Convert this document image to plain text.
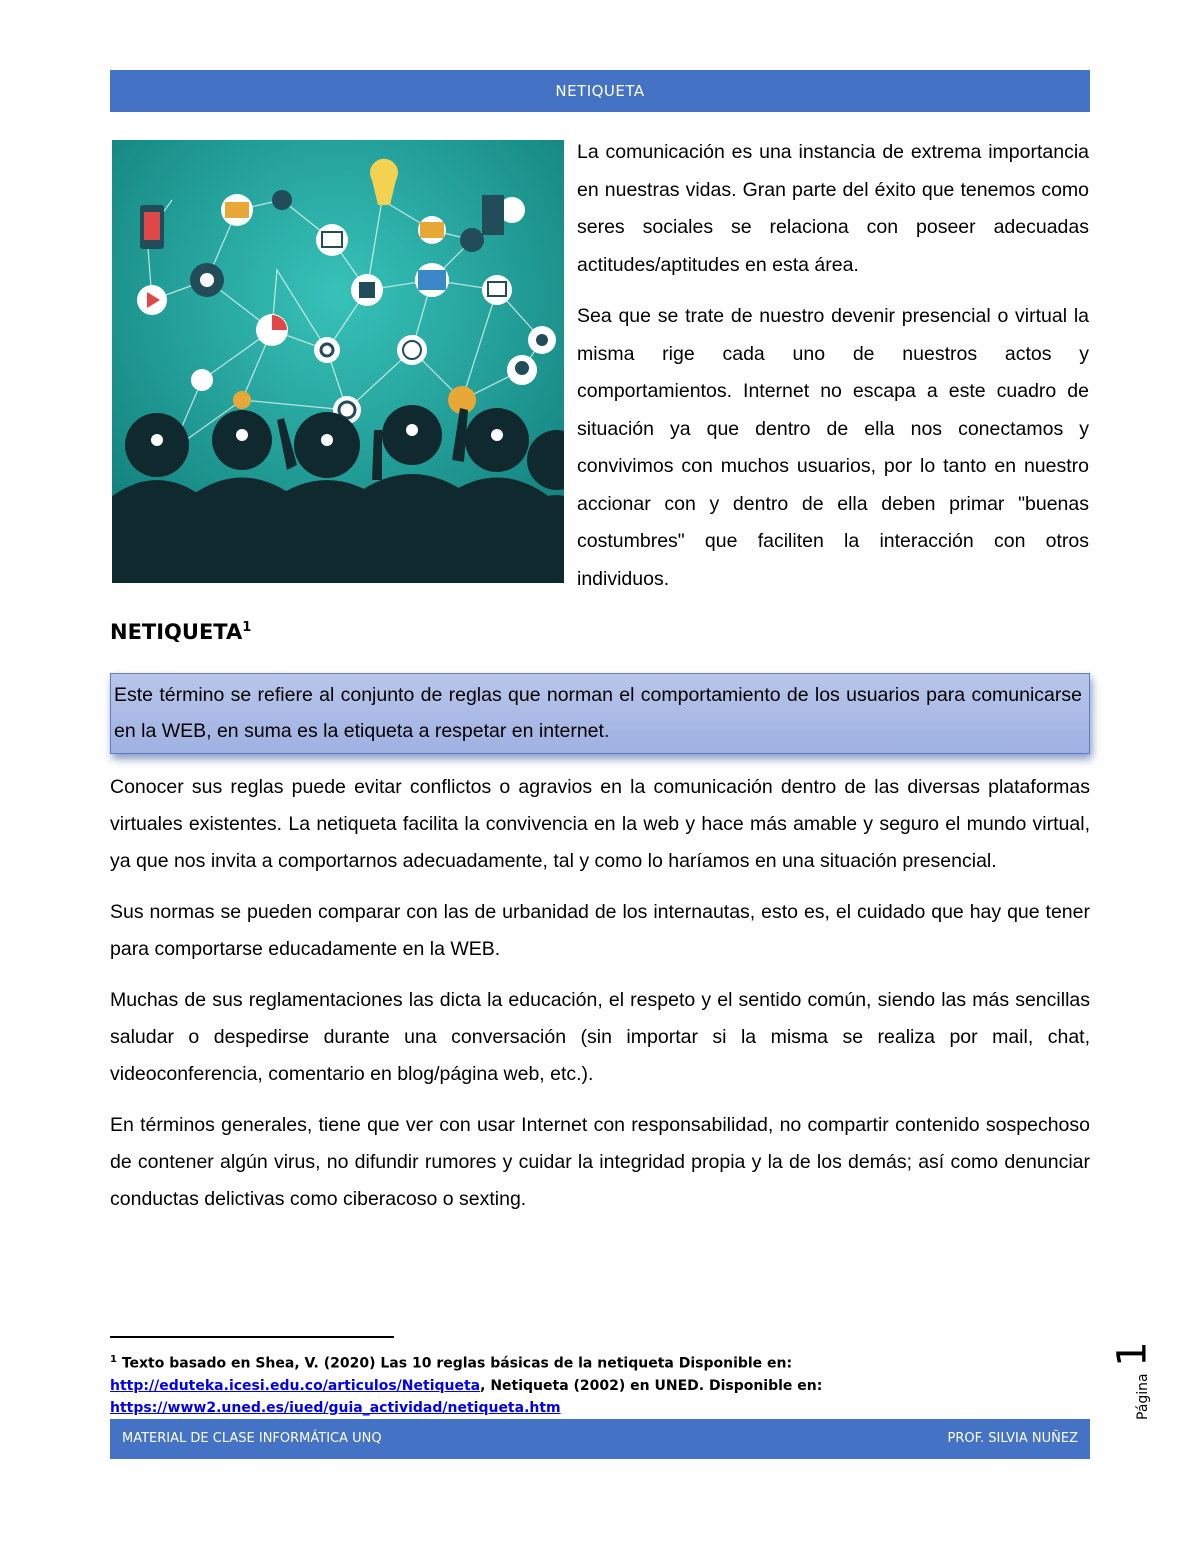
NETIQUETA

La comunicación es una instancia de extrema importancia en nuestras vidas. Gran parte del éxito que tenemos como seres sociales se relaciona con poseer adecuadas actitudes/aptitudes en esta área.

Sea que se trate de nuestro devenir presencial o virtual la misma rige cada uno de nuestros actos y comportamientos. Internet no escapa a este cuadro de situación ya que dentro de ella nos conectamos y convivimos con muchos usuarios, por lo tanto en nuestro accionar con y dentro de ella deben primar "buenas costumbres" que faciliten la interacción con otros individuos.

NETIQUETA$^1$
Este término se refiere al conjunto de reglas que norman el comportamiento de los usuarios para comunicarse en la WEB, en suma es la etiqueta a respetar en internet.

Conocer sus reglas puede evitar conflictos o agravios en la comunicación dentro de las diversas plataformas virtuales existentes. La netiqueta facilita la convivencia en la web y hace más amable y seguro el mundo virtual, ya que nos invita a comportarnos adecuadamente, tal y como lo haríamos en una situación presencial.

Sus normas se pueden comparar con las de urbanidad de los internautas, esto es, el cuidado que hay que tener para comportarse educadamente en la WEB.

Muchas de sus reglamentaciones las dicta la educación, el respeto y el sentido común, siendo las más sencillas saludar o despedirse durante una conversación (sin importar si la misma se realiza por mail, chat, videoconferencia, comentario en blog/página web, etc.).

En términos generales, tiene que ver con usar Internet con responsabilidad, no compartir contenido sospechoso de contener algún virus, no difundir rumores y cuidar la integridad propia y la de los demás; así como denunciar conductas delictivas como ciberacoso o sexting.

$^1$ Texto basado en Shea, V. (2020) Las 10 reglas básicas de la netiqueta Disponible en: http://eduteka.icesi.edu.co/articulos/Netiqueta, Netiqueta (2002) en UNED. Disponible en: https://www2.uned.es/iued/guia_actividad/netiqueta.htm
MATERIAL DE CLASE INFORMÁTICA UNQ	PROF. SILVIA NUÑEZ
Página
1
